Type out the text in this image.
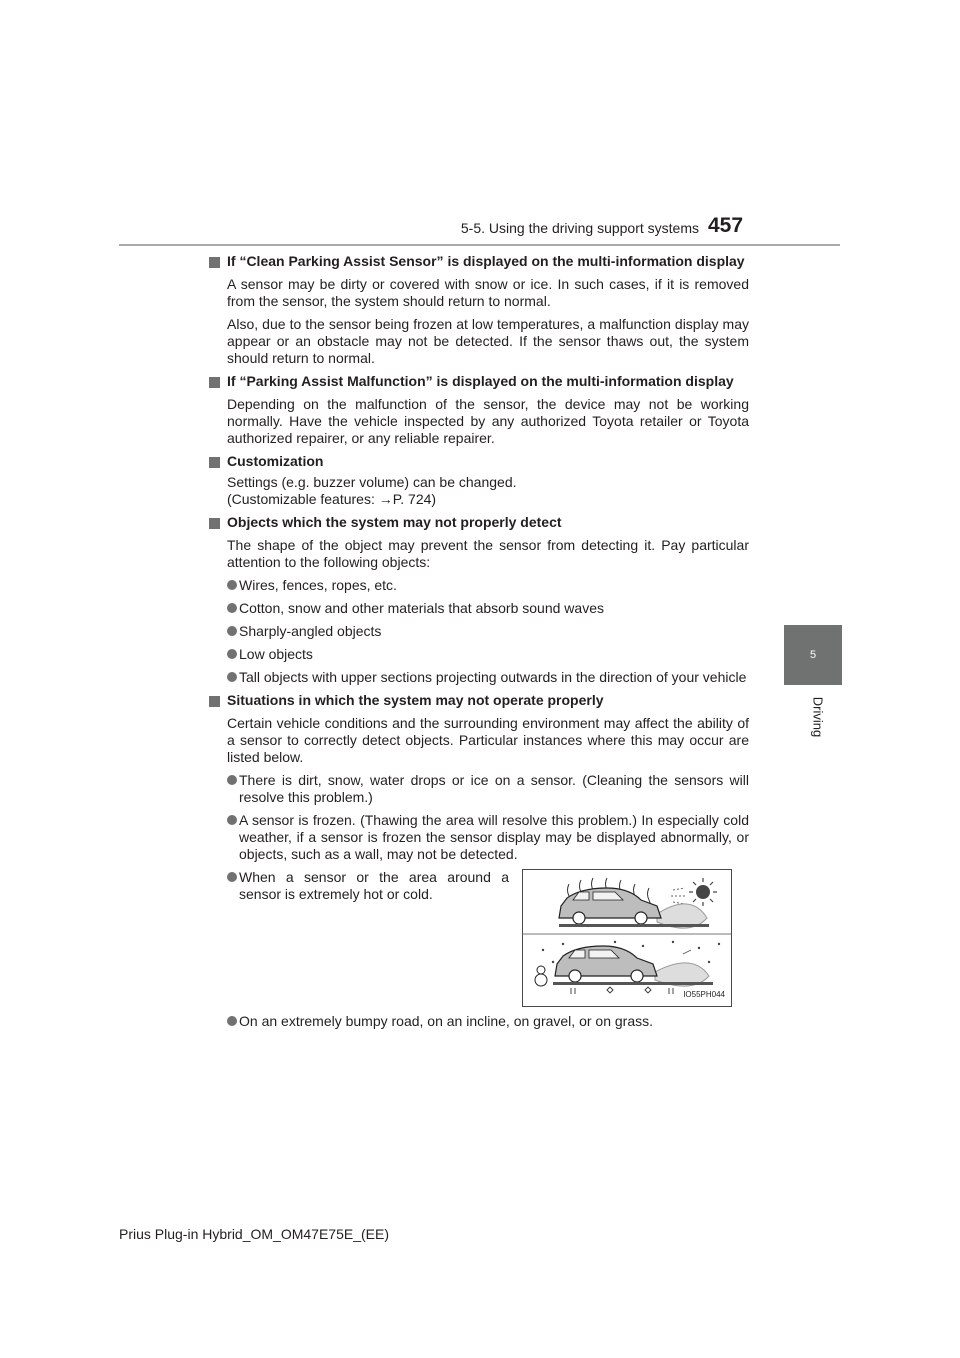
5-5. Using the driving support systems 457
5
Driving
If “Clean Parking Assist Sensor” is displayed on the multi-information display
A sensor may be dirty or covered with snow or ice. In such cases, if it is removed from the sensor, the system should return to normal.
Also, due to the sensor being frozen at low temperatures, a malfunction display may appear or an obstacle may not be detected. If the sensor thaws out, the system should return to normal.
If “Parking Assist Malfunction” is displayed on the multi-information display
Depending on the malfunction of the sensor, the device may not be working normally. Have the vehicle inspected by any authorized Toyota retailer or Toyota authorized repairer, or any reliable repairer.
Customization
Settings (e.g. buzzer volume) can be changed.
(Customizable features: →P. 724)
Objects which the system may not properly detect
The shape of the object may prevent the sensor from detecting it. Pay particular attention to the following objects:
Wires, fences, ropes, etc.
Cotton, snow and other materials that absorb sound waves
Sharply-angled objects
Low objects
Tall objects with upper sections projecting outwards in the direction of your vehicle
Situations in which the system may not operate properly
Certain vehicle conditions and the surrounding environment may affect the ability of a sensor to correctly detect objects. Particular instances where this may occur are listed below.
There is dirt, snow, water drops or ice on a sensor. (Cleaning the sensors will resolve this problem.)
A sensor is frozen. (Thawing the area will resolve this problem.) In especially cold weather, if a sensor is frozen the sensor display may be displayed abnormally, or objects, such as a wall, may not be detected.
When a sensor or the area around a sensor is extremely hot or cold.
IO55PH044
On an extremely bumpy road, on an incline, on gravel, or on grass.
Prius Plug-in Hybrid_OM_OM47E75E_(EE)
